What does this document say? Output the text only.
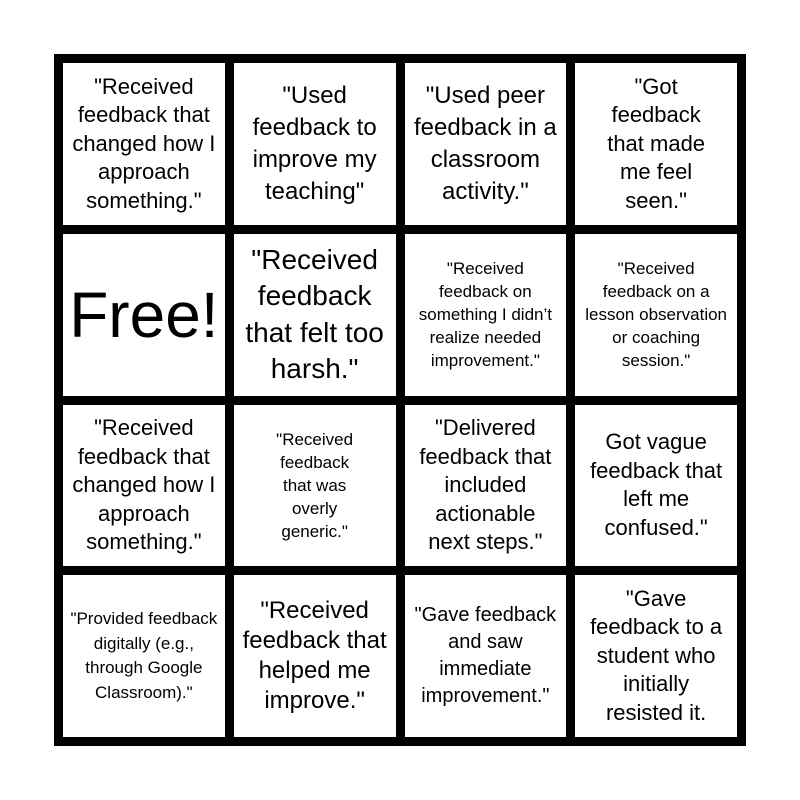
"Received feedback that changed how I approach something."
"Used feedback to improve my teaching"
"Used peer feedback in a classroom activity."
"Got feedback that made me feel seen."
Free!
"Received feedback that felt too harsh."
"Received feedback on something I didn’t realize needed improvement."
"Received feedback on a lesson observation or coaching session."
"Received feedback that changed how I approach something."
"Received feedback that was overly generic."
"Delivered feedback that included actionable next steps."
Got vague feedback that left me confused."
"Provided feedback digitally (e.g., through Google Classroom)."
"Received feedback that helped me improve."
"Gave feedback and saw immediate improvement."
"Gave feedback to a student who initially resisted it.
